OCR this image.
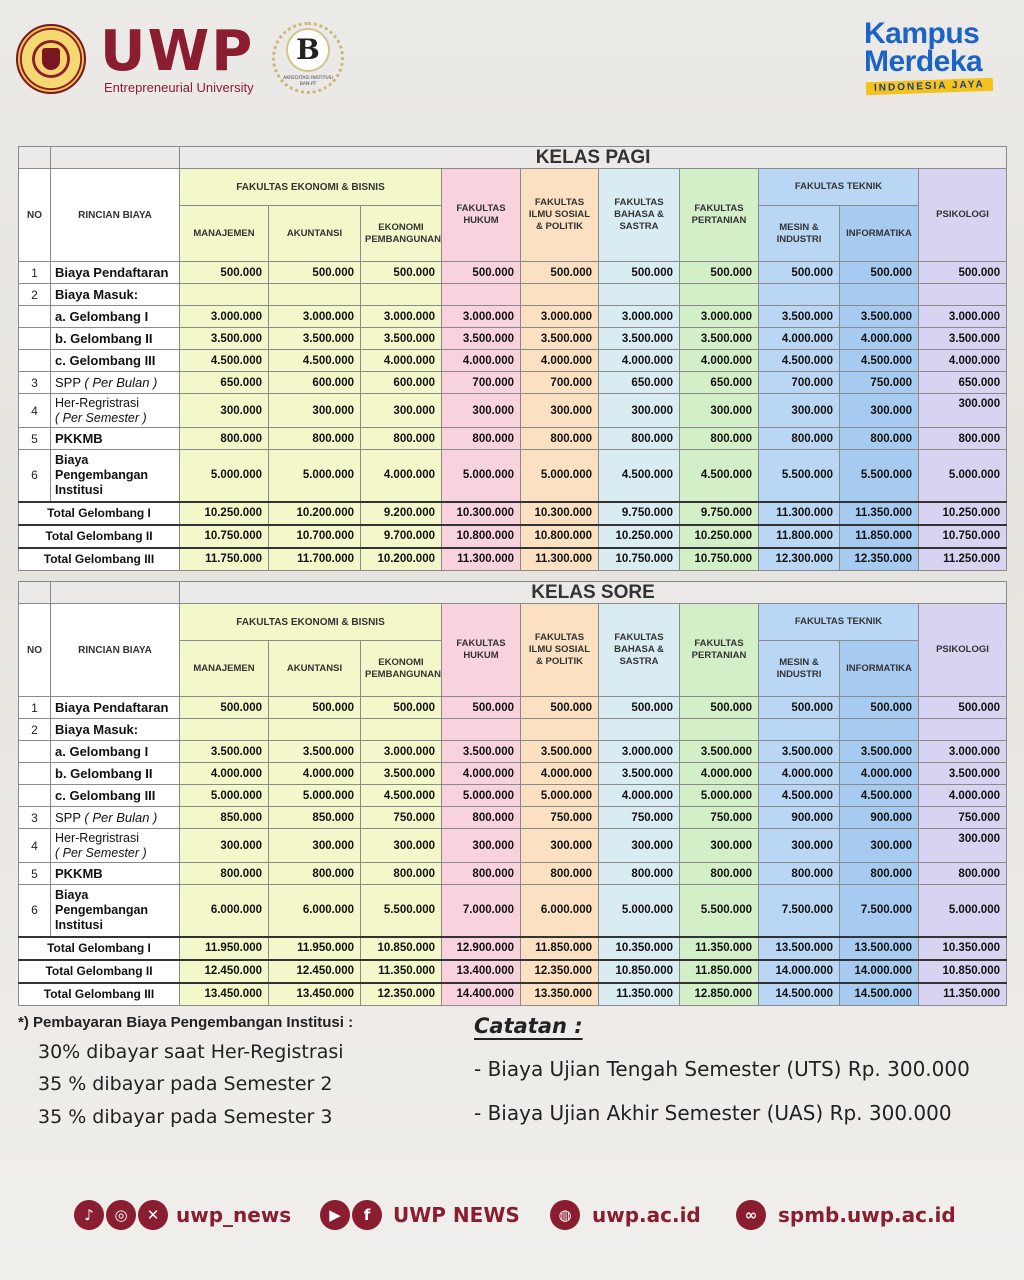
UWP
Entrepreneurial University
B
AKREDITASI INSTITUSI BAN-PT
Kampus
Merdeka
INDONESIA JAYA
		KELAS PAGI									
NO	RINCIAN BIAYA	FAKULTAS EKONOMI & BISNIS			FAKULTAS HUKUM	FAKULTAS ILMU SOSIAL & POLITIK	FAKULTAS BAHASA & SASTRA	FAKULTAS PERTANIAN	FAKULTAS TEKNIK		PSIKOLOGI
		MANAJEMEN	AKUNTANSI	EKONOMI PEMBANGUNAN					MESIN & INDUSTRI	INFORMATIKA	
1	Biaya Pendaftaran	500.000	500.000	500.000	500.000	500.000	500.000	500.000	500.000	500.000	500.000
2	Biaya Masuk:										
	a. Gelombang I	3.000.000	3.000.000	3.000.000	3.000.000	3.000.000	3.000.000	3.000.000	3.500.000	3.500.000	3.000.000
	b. Gelombang II	3.500.000	3.500.000	3.500.000	3.500.000	3.500.000	3.500.000	3.500.000	4.000.000	4.000.000	3.500.000
	c. Gelombang III	4.500.000	4.500.000	4.000.000	4.000.000	4.000.000	4.000.000	4.000.000	4.500.000	4.500.000	4.000.000
3	SPP ( Per Bulan )	650.000	600.000	600.000	700.000	700.000	650.000	650.000	700.000	750.000	650.000
4	Her-Regristrasi
( Per Semester )	300.000	300.000	300.000	300.000	300.000	300.000	300.000	300.000	300.000	300.000
5	PKKMB	800.000	800.000	800.000	800.000	800.000	800.000	800.000	800.000	800.000	800.000
6	Biaya
Pengembangan
Institusi	5.000.000	5.000.000	4.000.000	5.000.000	5.000.000	4.500.000	4.500.000	5.500.000	5.500.000	5.000.000
Total Gelombang I		10.250.000	10.200.000	9.200.000	10.300.000	10.300.000	9.750.000	9.750.000	11.300.000	11.350.000	10.250.000
Total Gelombang II		10.750.000	10.700.000	9.700.000	10.800.000	10.800.000	10.250.000	10.250.000	11.800.000	11.850.000	10.750.000
Total Gelombang III		11.750.000	11.700.000	10.200.000	11.300.000	11.300.000	10.750.000	10.750.000	12.300.000	12.350.000	11.250.000
		KELAS SORE									
NO	RINCIAN BIAYA	FAKULTAS EKONOMI & BISNIS			FAKULTAS HUKUM	FAKULTAS ILMU SOSIAL & POLITIK	FAKULTAS BAHASA & SASTRA	FAKULTAS PERTANIAN	FAKULTAS TEKNIK		PSIKOLOGI
		MANAJEMEN	AKUNTANSI	EKONOMI PEMBANGUNAN					MESIN & INDUSTRI	INFORMATIKA	
1	Biaya Pendaftaran	500.000	500.000	500.000	500.000	500.000	500.000	500.000	500.000	500.000	500.000
2	Biaya Masuk:										
	a. Gelombang I	3.500.000	3.500.000	3.000.000	3.500.000	3.500.000	3.000.000	3.500.000	3.500.000	3.500.000	3.000.000
	b. Gelombang II	4.000.000	4.000.000	3.500.000	4.000.000	4.000.000	3.500.000	4.000.000	4.000.000	4.000.000	3.500.000
	c. Gelombang III	5.000.000	5.000.000	4.500.000	5.000.000	5.000.000	4.000.000	5.000.000	4.500.000	4.500.000	4.000.000
3	SPP ( Per Bulan )	850.000	850.000	750.000	800.000	750.000	750.000	750.000	900.000	900.000	750.000
4	Her-Regristrasi
( Per Semester )	300.000	300.000	300.000	300.000	300.000	300.000	300.000	300.000	300.000	300.000
5	PKKMB	800.000	800.000	800.000	800.000	800.000	800.000	800.000	800.000	800.000	800.000
6	Biaya
Pengembangan
Institusi	6.000.000	6.000.000	5.500.000	7.000.000	6.000.000	5.000.000	5.500.000	7.500.000	7.500.000	5.000.000
Total Gelombang I		11.950.000	11.950.000	10.850.000	12.900.000	11.850.000	10.350.000	11.350.000	13.500.000	13.500.000	10.350.000
Total Gelombang II		12.450.000	12.450.000	11.350.000	13.400.000	12.350.000	10.850.000	11.850.000	14.000.000	14.000.000	10.850.000
Total Gelombang III		13.450.000	13.450.000	12.350.000	14.400.000	13.350.000	11.350.000	12.850.000	14.500.000	14.500.000	11.350.000
*) Pembayaran Biaya Pengembangan Institusi :
30% dibayar saat Her-Registrasi
35 % dibayar pada Semester 2
35 % dibayar pada Semester 3
Catatan :
- Biaya Ujian Tengah Semester (UTS) Rp. 300.000
- Biaya Ujian Akhir Semester (UAS) Rp. 300.000
♪	◎	✕ uwp_news	▶	f	UWP NEWS	◍	uwp.ac.id	∞	spmb.uwp.ac.id
